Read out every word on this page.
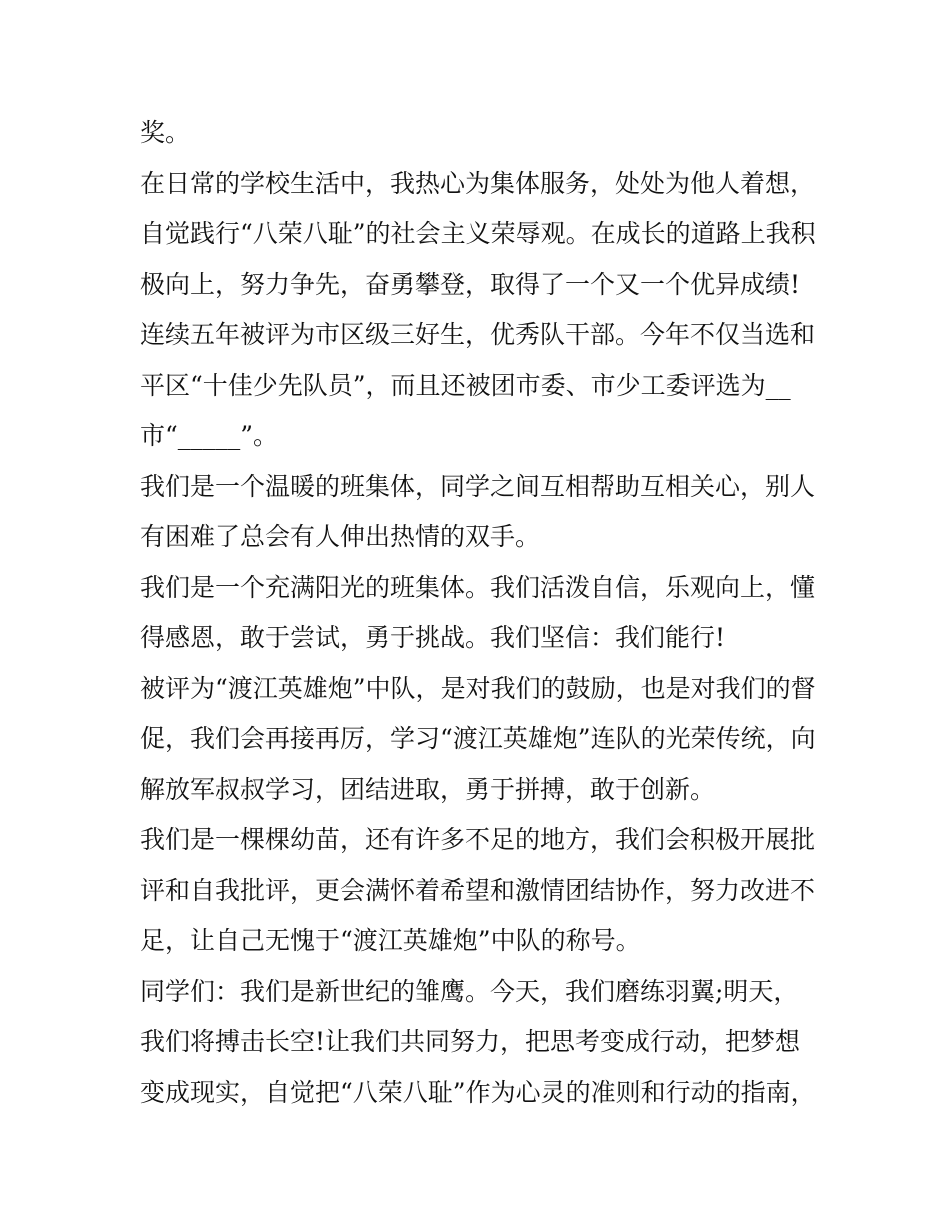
奖。
在日常的学校生活中，我热心为集体服务，处处为他人着想，
自觉践行“八荣八耻”的社会主义荣辱观。在成长的道路上我积
极向上，努力争先，奋勇攀登，取得了一个又一个优异成绩!
连续五年被评为市区级三好生，优秀队干部。今年不仅当选和
平区“十佳少先队员”，而且还被团市委、市少工委评选为__
市“_____”。
我们是一个温暖的班集体，同学之间互相帮助互相关心，别人
有困难了总会有人伸出热情的双手。
我们是一个充满阳光的班集体。我们活泼自信，乐观向上，懂
得感恩，敢于尝试，勇于挑战。我们坚信：我们能行!
被评为“渡江英雄炮”中队，是对我们的鼓励，也是对我们的督
促，我们会再接再厉，学习“渡江英雄炮”连队的光荣传统，向
解放军叔叔学习，团结进取，勇于拼搏，敢于创新。
我们是一棵棵幼苗，还有许多不足的地方，我们会积极开展批
评和自我批评，更会满怀着希望和激情团结协作，努力改进不
足，让自己无愧于“渡江英雄炮”中队的称号。
同学们：我们是新世纪的雏鹰。今天，我们磨练羽翼;明天，
我们将搏击长空!让我们共同努力，把思考变成行动，把梦想
变成现实，自觉把“八荣八耻”作为心灵的准则和行动的指南，
